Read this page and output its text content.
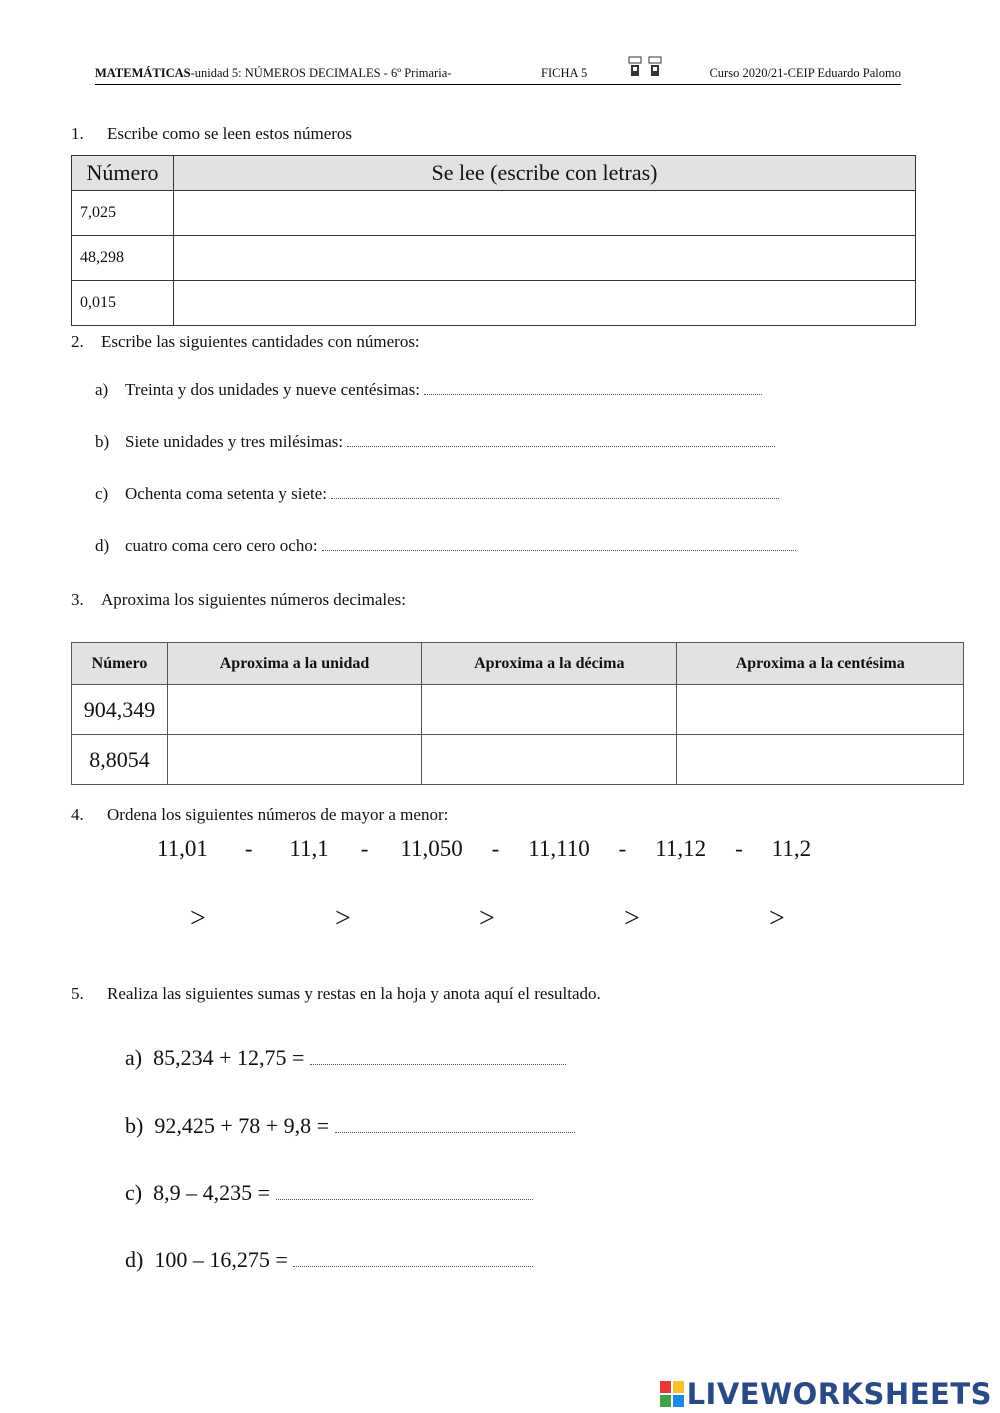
MATEMÁTICAS-unidad 5: NÚMEROS DECIMALES - 6º Primaria-	FICHA 5	Curso 2020/21-CEIP Eduardo Palomo
1. Escribe como se leen estos números
Número	Se lee (escribe con letras)
7,025	
48,298	
0,015	
2. Escribe las siguientes cantidades con números:
a) Treinta y dos unidades y nueve centésimas:
b) Siete unidades y tres milésimas:
c) Ochenta coma setenta y siete:
d) cuatro coma cero cero ocho:
3. Aproxima los siguientes números decimales:
Número	Aproxima a la unidad	Aproxima a la décima	Aproxima a la centésima
904,349			
8,8054			
4. Ordena los siguientes números de mayor a menor:
11,01 - 11,1 - 11,050 - 11,110 - 11,12 - 11,2
>	>	>	>	>
5. Realiza las siguientes sumas y restas en la hoja y anota aquí el resultado.
a) 85,234 + 12,75 =
b) 92,425 + 78 + 9,8 =
c) 8,9 – 4,235 =
d) 100 – 16,275 =
LIVEWORKSHEETS
